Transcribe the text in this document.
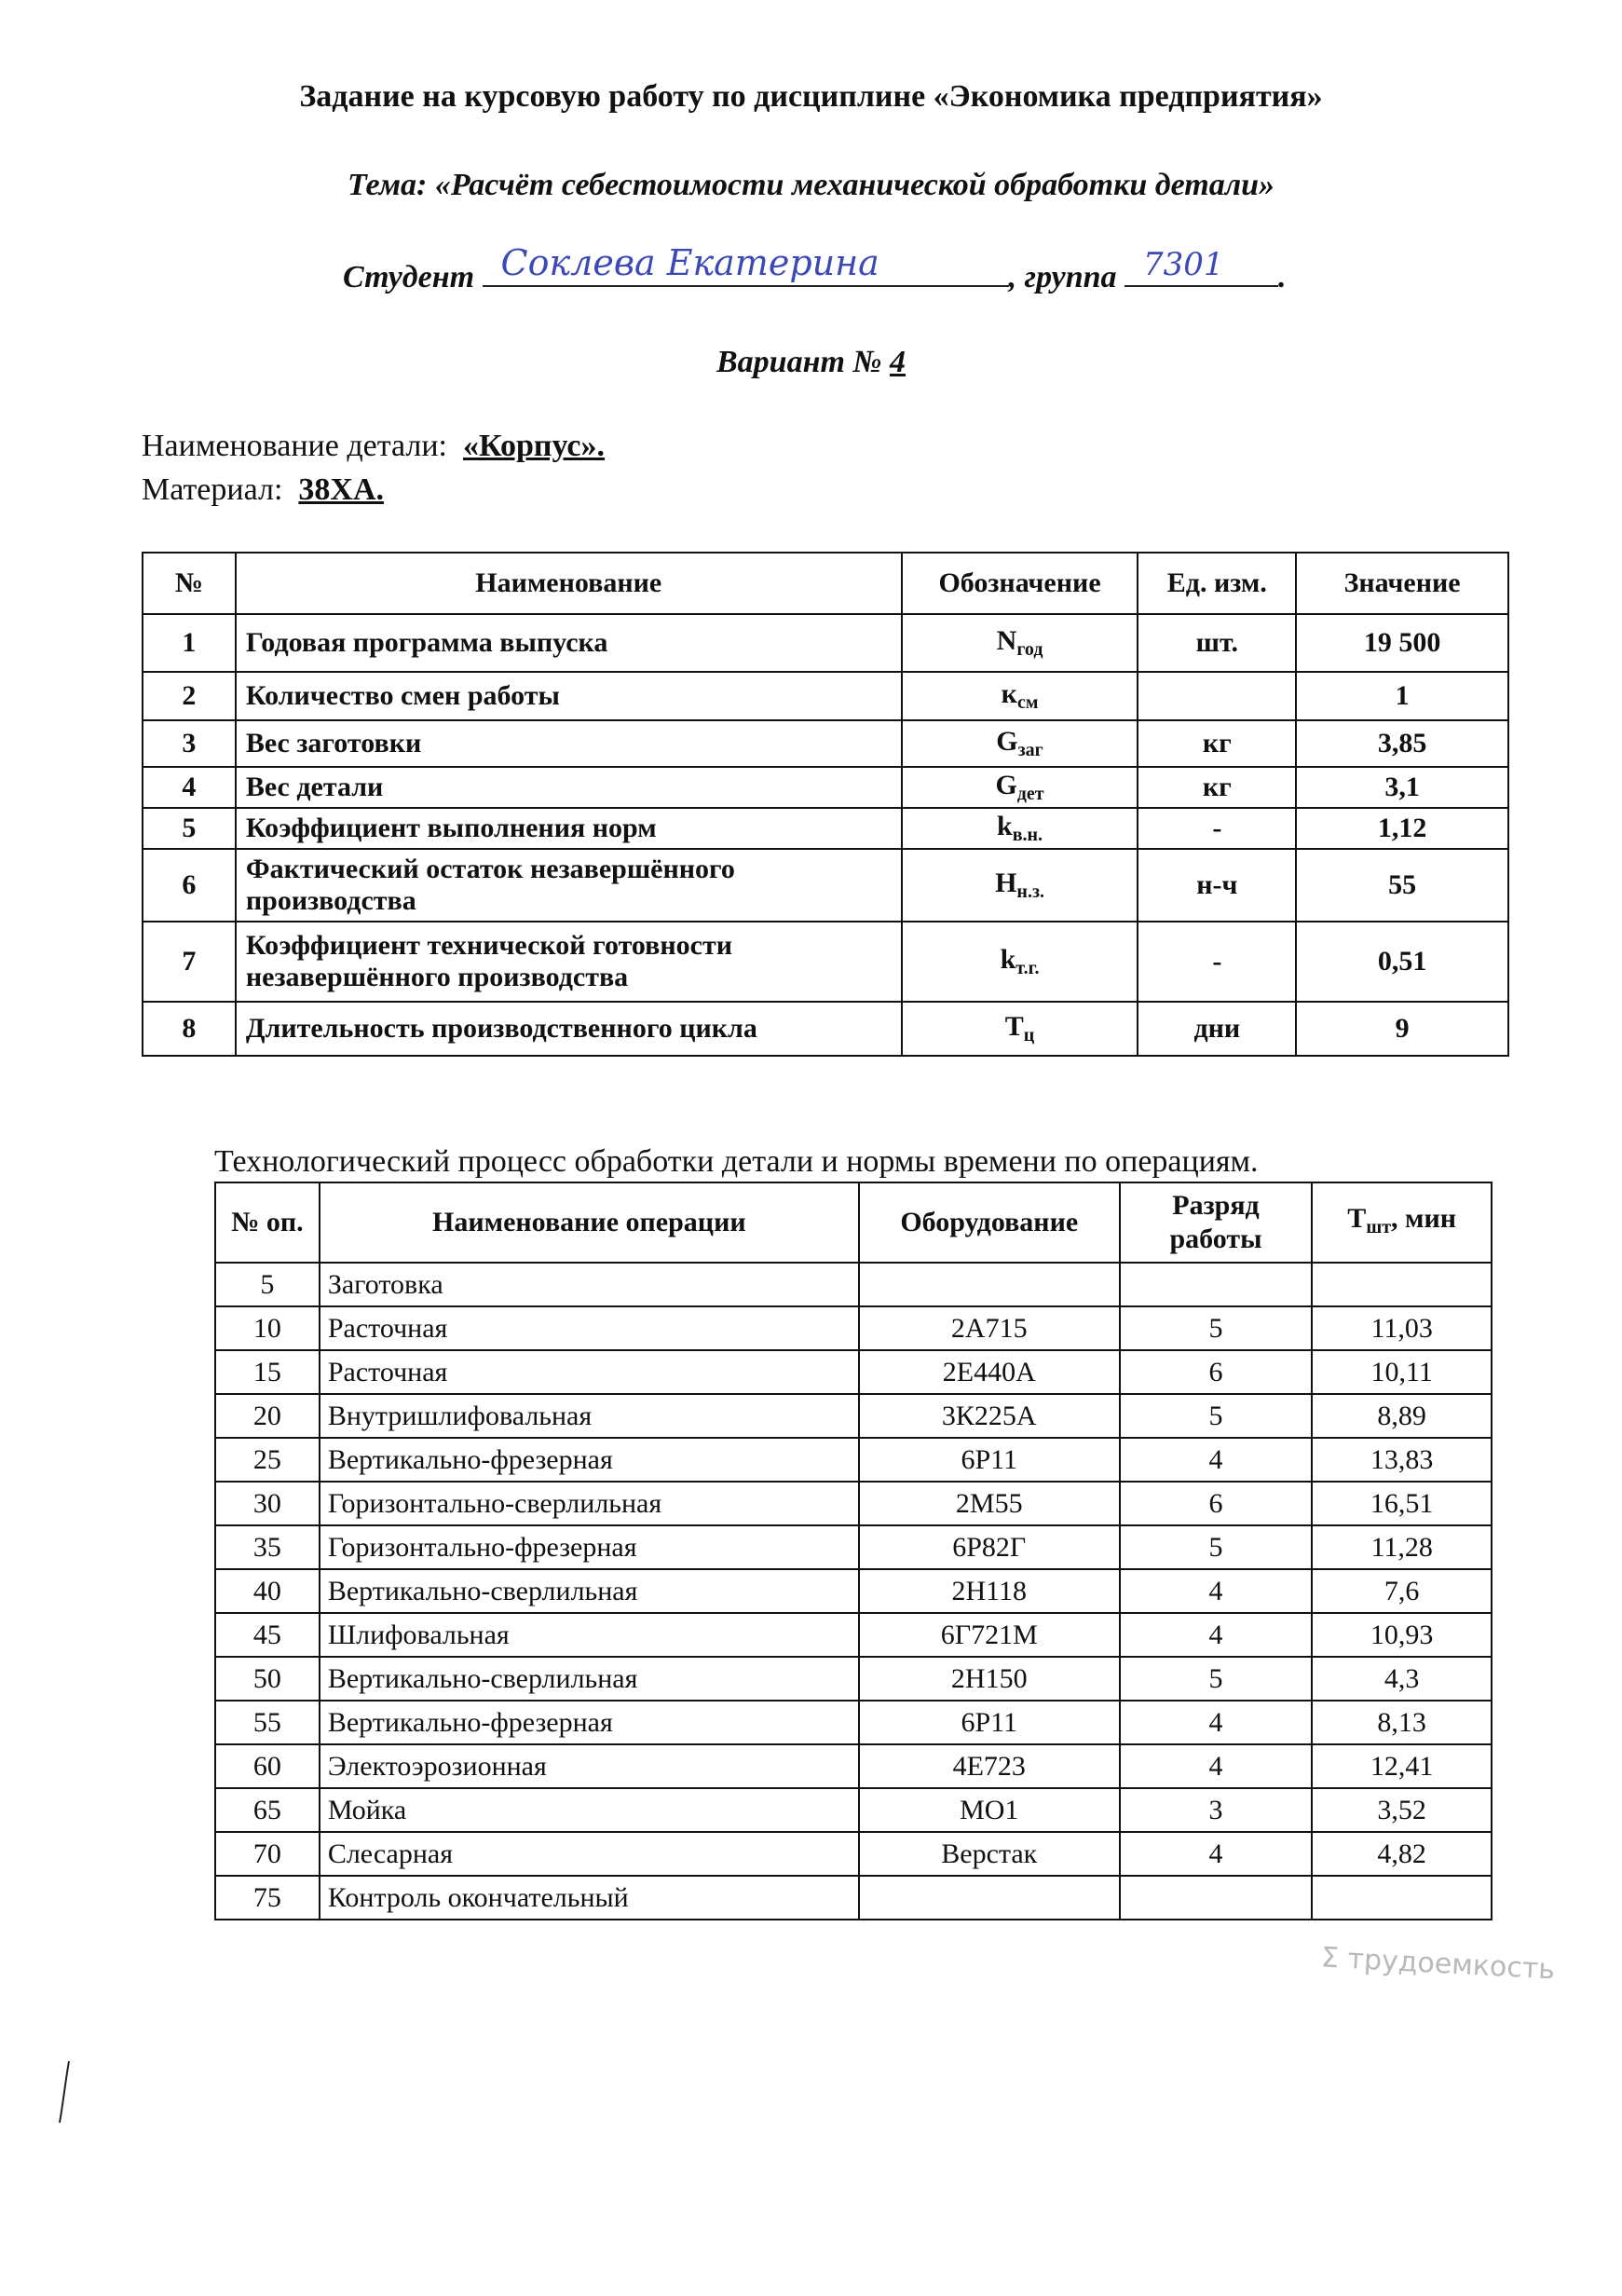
Задание на курсовую работу по дисциплине «Экономика предприятия»
Тема: «Расчёт себестоимости механической обработки детали»
Студент Соклева Екатерина	, группа 7301 .
Вариант № 4
Наименование детали: «Корпус».
Материал: 38ХА.
№	Наименование	Обозначение	Ед. изм.	Значение
1	Годовая программа выпуска	$N_{год}$	шт.	19 500
2	Количество смен работы	$к_{см}$		1
3	Вес заготовки	$G_{заг}$	кг	3,85
4	Вес детали	$G_{дет}$	кг	3,1
5	Коэффициент выполнения норм	$k_{в.н.}$	-	1,12
6	Фактический остаток незавершённого производства	$Н_{н.з.}$	н-ч	55
7	Коэффициент технической готовности незавершённого производства	$k_{т.г.}$	-	0,51
8	Длительность производственного цикла	$Т_ц$	дни	9
Технологический процесс обработки детали и нормы времени по операциям.
№ оп.	Наименование операции	Оборудование	Разряд работы	$Т_{шт}$, мин
5	Заготовка			
10	Расточная	2А715	5	11,03
15	Расточная	2Е440А	6	10,11
20	Внутришлифовальная	3К225А	5	8,89
25	Вертикально-фрезерная	6Р11	4	13,83
30	Горизонтально-сверлильная	2М55	6	16,51
35	Горизонтально-фрезерная	6Р82Г	5	11,28
40	Вертикально-сверлильная	2Н118	4	7,6
45	Шлифовальная	6Г721М	4	10,93
50	Вертикально-сверлильная	2Н150	5	4,3
55	Вертикально-фрезерная	6Р11	4	8,13
60	Электоэрозионная	4Е723	4	12,41
65	Мойка	МО1	3	3,52
70	Слесарная	Верстак	4	4,82
75	Контроль окончательный			
Σ трудоемкость
